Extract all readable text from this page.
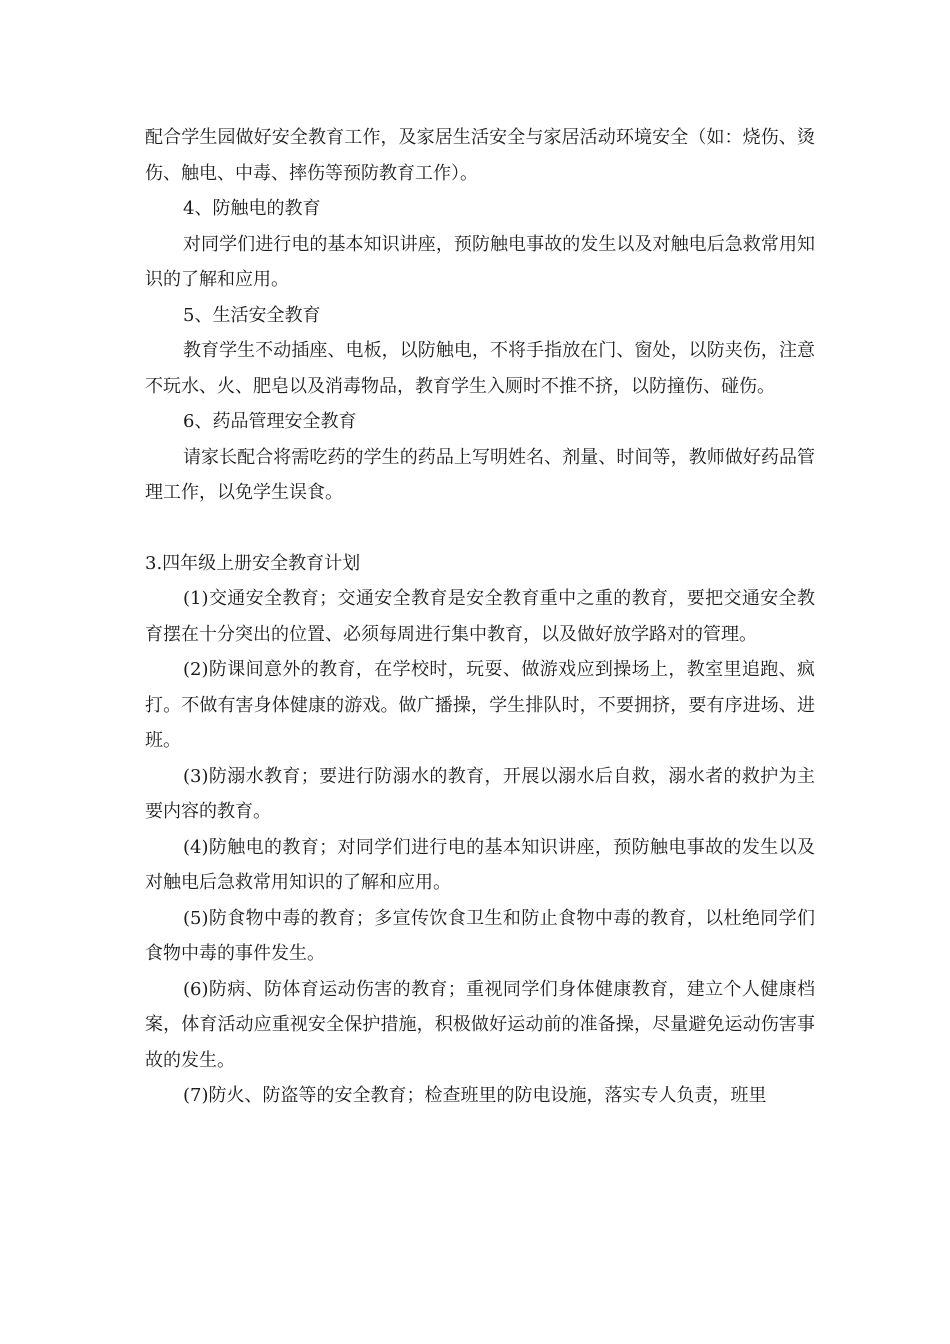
配合学生园做好安全教育工作，及家居生活安全与家居活动环境安全（如：烧伤、烫伤、触电、中毒、摔伤等预防教育工作）。

4、防触电的教育

对同学们进行电的基本知识讲座，预防触电事故的发生以及对触电后急救常用知识的了解和应用。

5、生活安全教育

教育学生不动插座、电板，以防触电，不将手指放在门、窗处，以防夹伤，注意不玩水、火、肥皂以及消毒物品，教育学生入厕时不推不挤，以防撞伤、碰伤。

6、药品管理安全教育

请家长配合将需吃药的学生的药品上写明姓名、剂量、时间等，教师做好药品管理工作，以免学生误食。

3.四年级上册安全教育计划

(1)交通安全教育；交通安全教育是安全教育重中之重的教育，要把交通安全教育摆在十分突出的位置、必须每周进行集中教育，以及做好放学路对的管理。

(2)防课间意外的教育，在学校时，玩耍、做游戏应到操场上，教室里追跑、疯打。不做有害身体健康的游戏。做广播操，学生排队时，不要拥挤，要有序进场、进班。

(3)防溺水教育；要进行防溺水的教育，开展以溺水后自救，溺水者的救护为主要内容的教育。

(4)防触电的教育；对同学们进行电的基本知识讲座，预防触电事故的发生以及对触电后急救常用知识的了解和应用。

(5)防食物中毒的教育；多宣传饮食卫生和防止食物中毒的教育，以杜绝同学们食物中毒的事件发生。

(6)防病、防体育运动伤害的教育；重视同学们身体健康教育，建立个人健康档案，体育活动应重视安全保护措施，积极做好运动前的准备操，尽量避免运动伤害事故的发生。

(7)防火、防盗等的安全教育；检查班里的防电设施，落实专人负责，班里
